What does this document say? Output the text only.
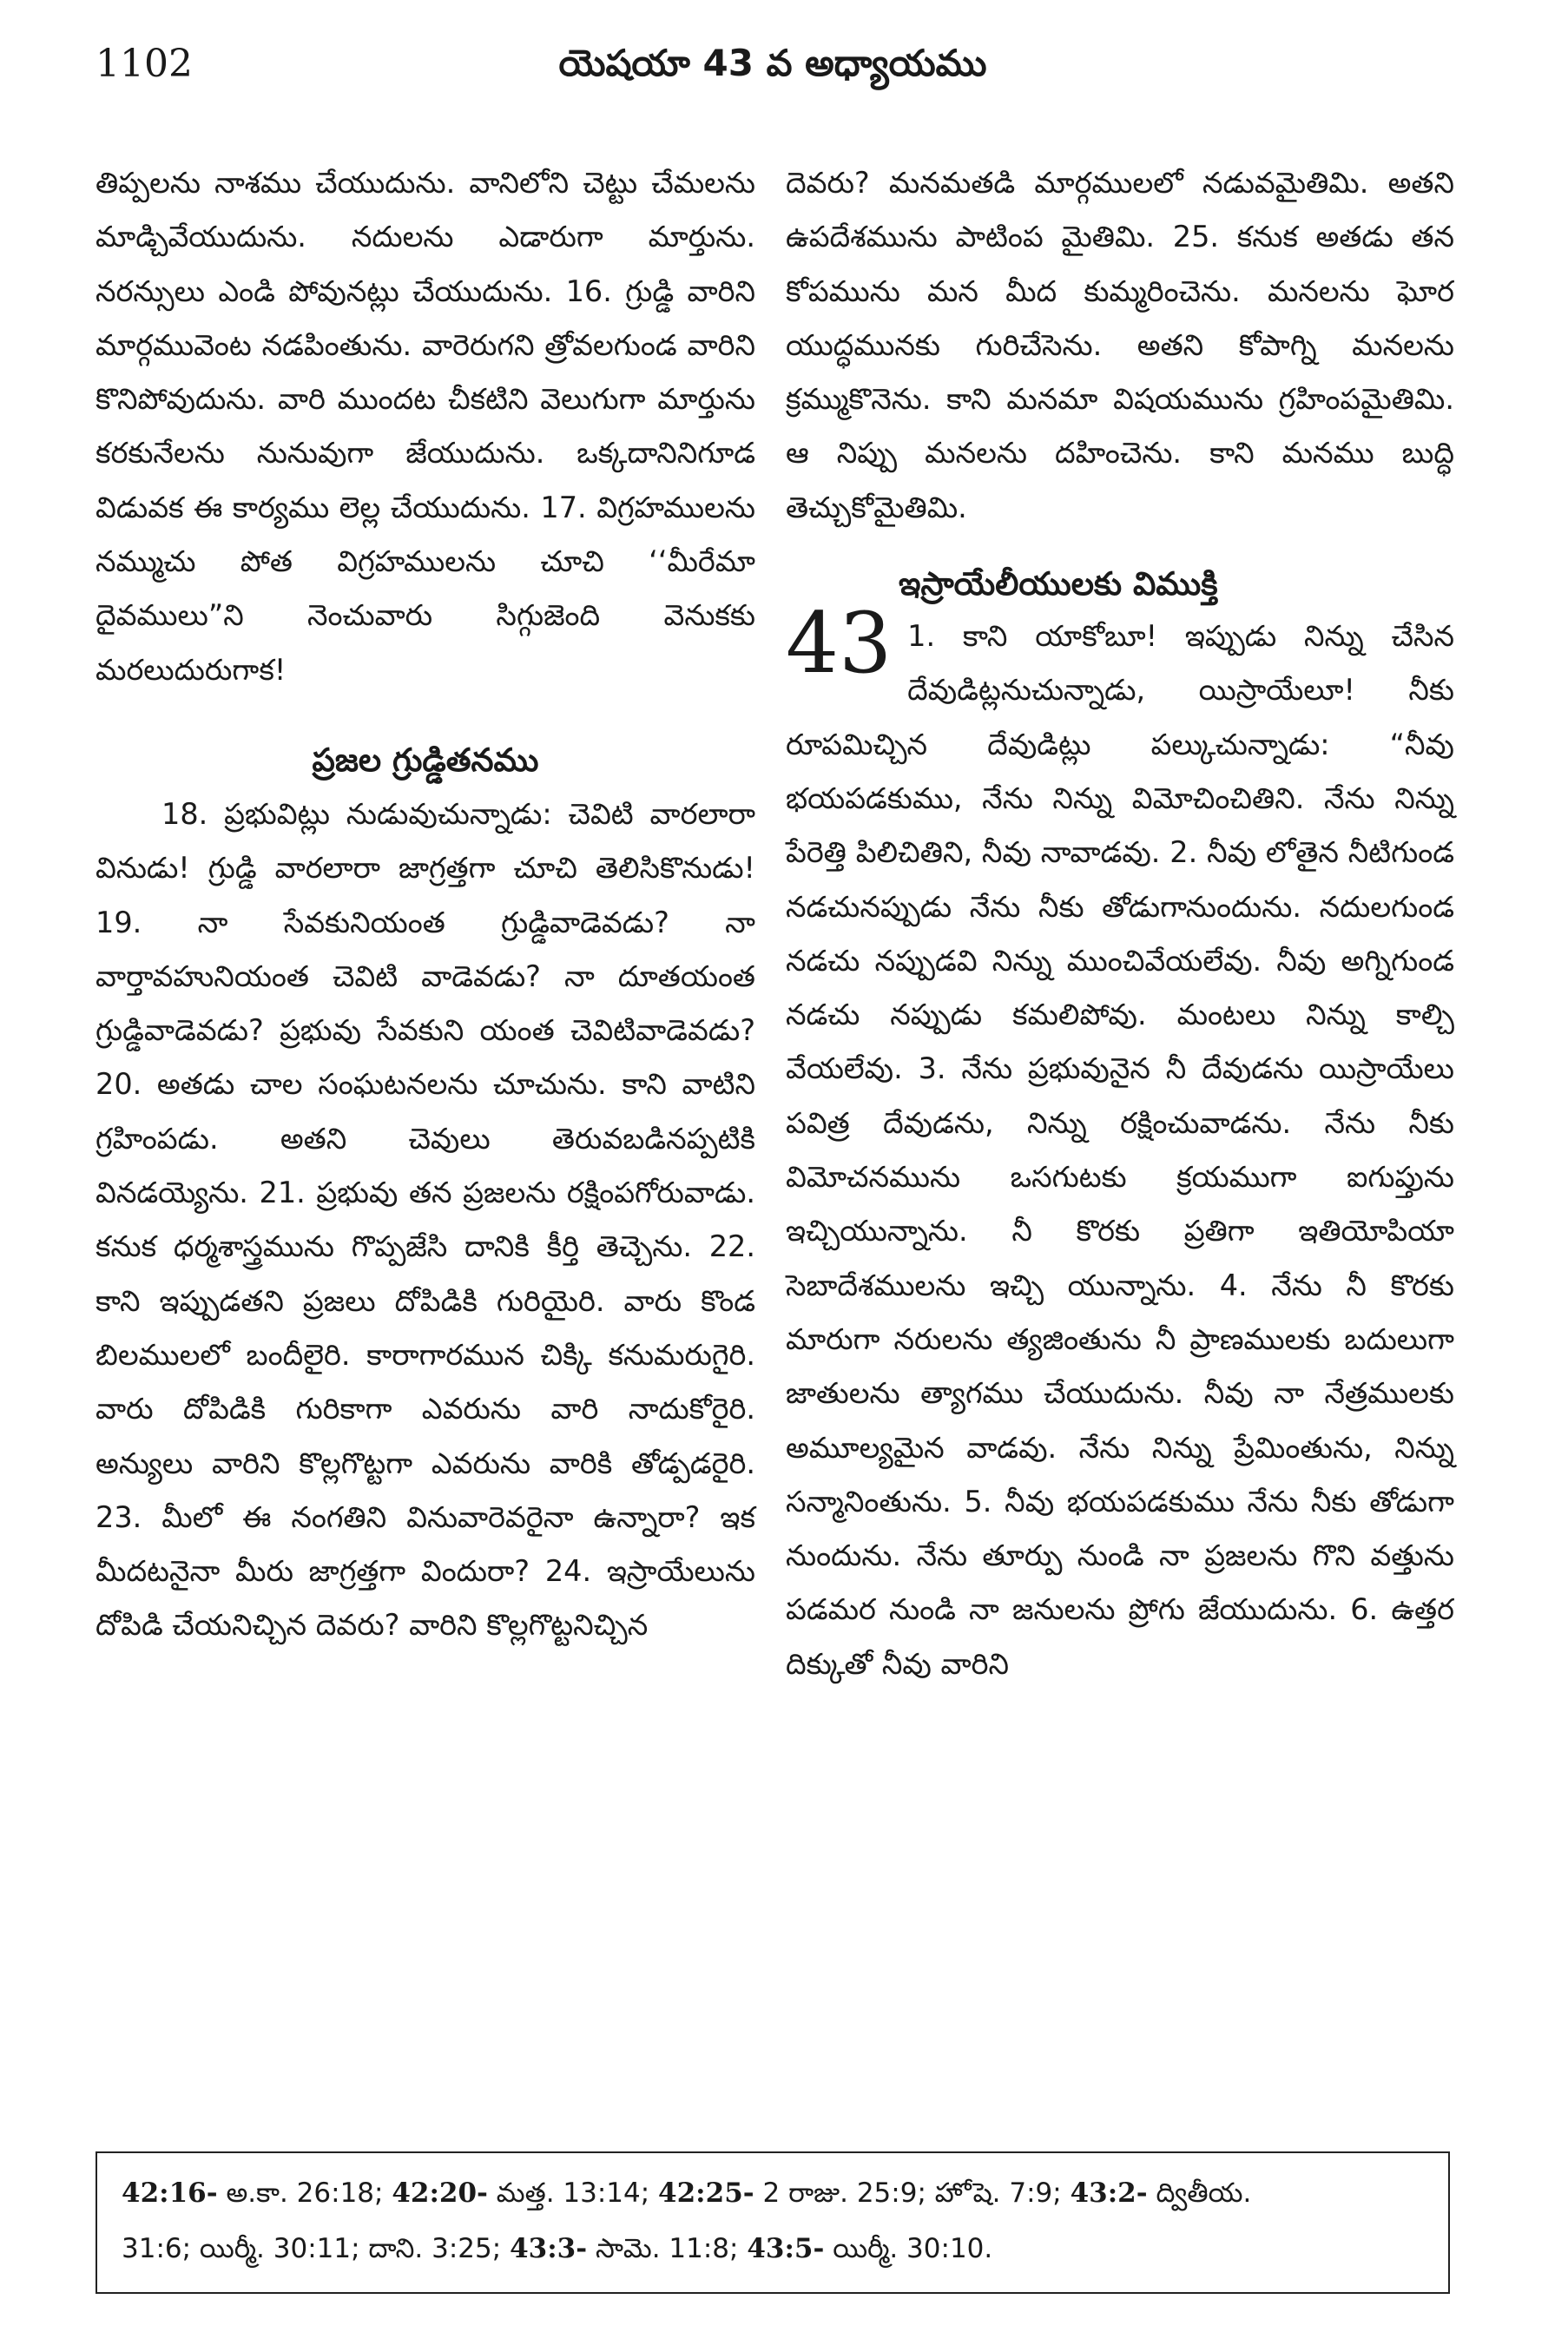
1102	యెషయా 43 వ అధ్యాయము

తిప్పలను నాశము చేయుదును. వానిలోని చెట్టు చేమలను మాడ్చివేయుదును. నదులను ఎడారుగా మార్తును. నరన్సులు ఎండి పోవునట్లు చేయుదును. 16. గ్రుడ్డి వారిని మార్గమువెంట నడపింతును. వారెరుగని త్రోవలగుండ వారిని కొనిపోవుదును. వారి ముందట చీకటిని వెలుగుగా మార్తును కరకునేలను నునువుగా జేయుదును. ఒక్కదానినిగూడ విడువక ఈ కార్యము లెల్ల చేయుదును. 17. విగ్రహములను నమ్ముచు పోత విగ్రహములను చూచి ‘‘మీరేమా దైవములు”ని నెంచువారు సిగ్గుజెంది వెనుకకు మరలుదురుగాక!

ప్రజల గ్రుడ్డితనము

18. ప్రభువిట్లు నుడువుచున్నాడు: చెవిటి వారలారా వినుడు! గ్రుడ్డి వారలారా జాగ్రత్తగా చూచి తెలిసికొనుడు! 19. నా సేవకునియంత గ్రుడ్డివాడెవడు? నా వార్తావహునియంత చెవిటి వాడెవడు? నా దూతయంత గ్రుడ్డివాడెవడు? ప్రభువు సేవకుని యంత చెవిటివాడెవడు? 20. అతడు చాల సంఘటనలను చూచును. కాని వాటిని గ్రహింపడు. అతని చెవులు తెరువబడినప్పటికి వినడయ్యెను. 21. ప్రభువు తన ప్రజలను రక్షింపగోరువాడు. కనుక ధర్మశాస్త్రమును గొప్పజేసి దానికి కీర్తి తెచ్చెను. 22. కాని ఇప్పుడతని ప్రజలు దోపిడికి గురియైరి. వారు కొండ బిలములలో బందీలైరి. కారాగారమున చిక్కి కనుమరుగైరి. వారు దోపిడికి గురికాగా ఎవరును వారి నాదుకోరైరి. అన్యులు వారిని కొల్లగొట్టగా ఎవరును వారికి తోడ్పడరైరి. 23. మీలో ఈ నంగతిని వినువారెవరైనా ఉన్నారా? ఇక మీదటనైనా మీరు జాగ్రత్తగా విందురా? 24. ఇస్రాయేలును దోపిడి చేయనిచ్చిన దెవరు? వారిని కొల్లగొట్టనిచ్చిన

దెవరు? మనమతడి మార్గములలో నడువమైతిమి. అతని ఉపదేశమును పాటింప మైతిమి. 25. కనుక అతడు తన కోపమును మన మీద కుమ్మరించెను. మనలను ఘోర యుద్ధమునకు గురిచేసెను. అతని కోపాగ్ని మనలను క్రమ్ముకొనెను. కాని మనమా విషయమును గ్రహింపమైతిమి. ఆ నిప్పు మనలను దహించెను. కాని మనము బుద్ధి తెచ్చుకోమైతిమి.

ఇస్రాయేలీయులకు విముక్తి

43 1. కాని యాకోబూ! ఇప్పుడు నిన్ను చేసిన దేవుడిట్లనుచున్నాడు, యిస్రాయేలూ! నీకు రూపమిచ్చిన దేవుడిట్లు పల్కుచున్నాడు: “నీవు భయపడకుము, నేను నిన్ను విమోచించితిని. నేను నిన్ను పేరెత్తి పిలిచితిని, నీవు నావాడవు. 2. నీవు లోతైన నీటిగుండ నడచునప్పుడు నేను నీకు తోడుగానుందును. నదులగుండ నడచు నప్పుడవి నిన్ను ముంచివేయలేవు. నీవు అగ్నిగుండ నడచు నప్పుడు కమలిపోవు. మంటలు నిన్ను కాల్చి వేయలేవు. 3. నేను ప్రభువునైన నీ దేవుడను యిస్రాయేలు పవిత్ర దేవుడను, నిన్ను రక్షించువాడను. నేను నీకు విమోచనమును ఒసగుటకు క్రయముగా ఐగుప్తును ఇచ్చియున్నాను. నీ కొరకు ప్రతిగా ఇతియోపియా సెబాదేశములను ఇచ్చి యున్నాను. 4. నేను నీ కొరకు మారుగా నరులను త్యజింతును నీ ప్రాణములకు బదులుగా జాతులను త్యాగము చేయుదును. నీవు నా నేత్రములకు అమూల్యమైన వాడవు. నేను నిన్ను ప్రేమింతును, నిన్ను సన్మానింతును. 5. నీవు భయపడకుము నేను నీకు తోడుగా నుందును. నేను తూర్పు నుండి నా ప్రజలను గొని వత్తును పడమర నుండి నా జనులను ప్రోగు జేయుదును. 6. ఉత్తర దిక్కుతో నీవు వారిని

42:16- అ.కా. 26:18; 42:20- మత్త. 13:14; 42:25- 2 రాజు. 25:9; హోషె. 7:9; 43:2- ద్వితీయ.
31:6; యిర్మీ. 30:11; దాని. 3:25; 43:3- సామె. 11:8; 43:5- యిర్మీ. 30:10.
